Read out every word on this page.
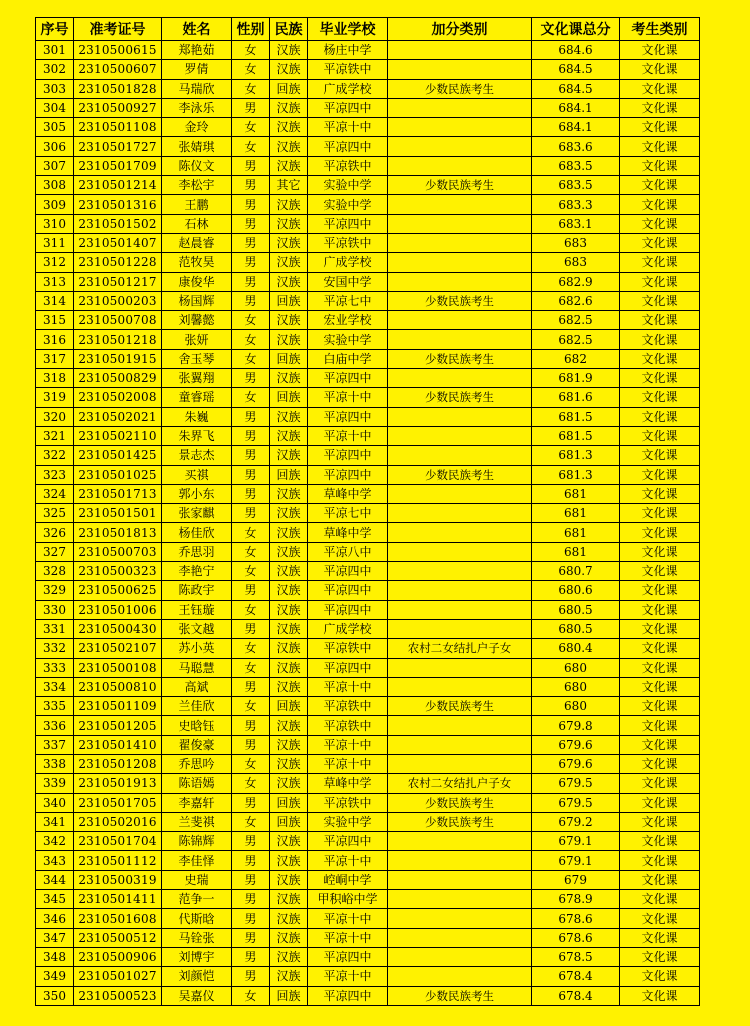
序号	准考证号	姓名	性别	民族	毕业学校	加分类别	文化课总分	考生类别
301	2310500615	郑艳茹	女	汉族	杨庄中学		684.6	文化课
302	2310500607	罗倩	女	汉族	平凉铁中		684.5	文化课
303	2310501828	马瑞欣	女	回族	广成学校	少数民族考生	684.5	文化课
304	2310500927	李泳乐	男	汉族	平凉四中		684.1	文化课
305	2310501108	金玲	女	汉族	平凉十中		684.1	文化课
306	2310501727	张婧琪	女	汉族	平凉四中		683.6	文化课
307	2310501709	陈仪文	男	汉族	平凉铁中		683.5	文化课
308	2310501214	李松宇	男	其它	实验中学	少数民族考生	683.5	文化课
309	2310501316	王鹏	男	汉族	实验中学		683.3	文化课
310	2310501502	石林	男	汉族	平凉四中		683.1	文化课
311	2310501407	赵晨睿	男	汉族	平凉铁中		683	文化课
312	2310501228	范牧昊	男	汉族	广成学校		683	文化课
313	2310501217	康俊华	男	汉族	安国中学		682.9	文化课
314	2310500203	杨国辉	男	回族	平凉七中	少数民族考生	682.6	文化课
315	2310500708	刘馨懿	女	汉族	宏业学校		682.5	文化课
316	2310501218	张妍	女	汉族	实验中学		682.5	文化课
317	2310501915	舍玉琴	女	回族	白庙中学	少数民族考生	682	文化课
318	2310500829	张翼翔	男	汉族	平凉四中		681.9	文化课
319	2310502008	童睿瑶	女	回族	平凉十中	少数民族考生	681.6	文化课
320	2310502021	朱巍	男	汉族	平凉四中		681.5	文化课
321	2310502110	朱界飞	男	汉族	平凉十中		681.5	文化课
322	2310501425	景志杰	男	汉族	平凉四中		681.3	文化课
323	2310501025	买祺	男	回族	平凉四中	少数民族考生	681.3	文化课
324	2310501713	郭小东	男	汉族	草峰中学		681	文化课
325	2310501501	张家麒	男	汉族	平凉七中		681	文化课
326	2310501813	杨佳欣	女	汉族	草峰中学		681	文化课
327	2310500703	乔思羽	女	汉族	平凉八中		681	文化课
328	2310500323	李艳宁	女	汉族	平凉四中		680.7	文化课
329	2310500625	陈政宇	男	汉族	平凉四中		680.6	文化课
330	2310501006	王钰璇	女	汉族	平凉四中		680.5	文化课
331	2310500430	张文越	男	汉族	广成学校		680.5	文化课
332	2310502107	苏小英	女	汉族	平凉铁中	农村二女结扎户子女	680.4	文化课
333	2310500108	马聪慧	女	汉族	平凉四中		680	文化课
334	2310500810	高斌	男	汉族	平凉十中		680	文化课
335	2310501109	兰佳欣	女	回族	平凉铁中	少数民族考生	680	文化课
336	2310501205	史晗钰	男	汉族	平凉铁中		679.8	文化课
337	2310501410	翟俊豪	男	汉族	平凉十中		679.6	文化课
338	2310501208	乔思吟	女	汉族	平凉十中		679.6	文化课
339	2310501913	陈语嫣	女	汉族	草峰中学	农村二女结扎户子女	679.5	文化课
340	2310501705	李嘉轩	男	回族	平凉铁中	少数民族考生	679.5	文化课
341	2310502016	兰斐祺	女	回族	实验中学	少数民族考生	679.2	文化课
342	2310501704	陈锦辉	男	汉族	平凉四中		679.1	文化课
343	2310501112	李佳怿	男	汉族	平凉十中		679.1	文化课
344	2310500319	史瑞	男	汉族	崆峒中学		679	文化课
345	2310501411	范争一	男	汉族	甲积峪中学		678.9	文化课
346	2310501608	代斯晗	男	汉族	平凉十中		678.6	文化课
347	2310500512	马铨张	男	汉族	平凉十中		678.6	文化课
348	2310500906	刘博宇	男	汉族	平凉四中		678.5	文化课
349	2310501027	刘颜恺	男	汉族	平凉十中		678.4	文化课
350	2310500523	吴嘉仪	女	回族	平凉四中	少数民族考生	678.4	文化课
